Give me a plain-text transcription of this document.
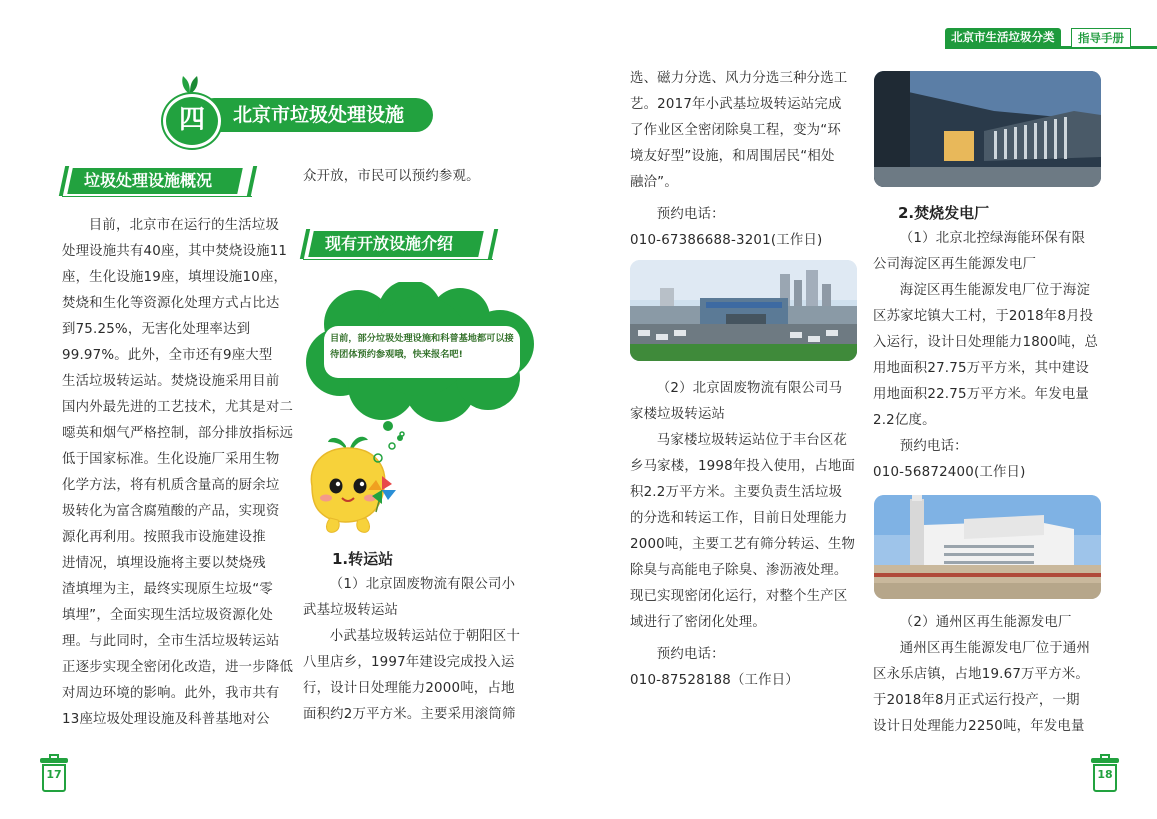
北京市生活垃圾分类	指导手册
北京市垃圾处理设施
四
垃圾处理设施概况

目前，北京市在运行的生活垃圾

处理设施共有40座，其中焚烧设施11

座，生化设施19座，填埋设施10座，

焚烧和生化等资源化处理方式占比达

到75.25%，无害化处理率达到

99.97%。此外，全市还有9座大型

生活垃圾转运站。焚烧设施采用目前

国内外最先进的工艺技术，尤其是对二

噁英和烟气严格控制，部分排放指标远

低于国家标准。生化设施厂采用生物

化学方法，将有机质含量高的厨余垃

圾转化为富含腐殖酸的产品，实现资

源化再利用。按照我市设施建设推

进情况，填埋设施将主要以焚烧残

渣填埋为主，最终实现原生垃圾“零

填埋”，全面实现生活垃圾资源化处

理。与此同时，全市生活垃圾转运站

正逐步实现全密闭化改造，进一步降低

对周边环境的影响。此外，我市共有

13座垃圾处理设施及科普基地对公

众开放，市民可以预约参观。

现有开放设施介绍
目前，部分垃圾处理设施和科普基地都可以接待团体预约参观哦，快来报名吧!
1.转运站

（1）北京固废物流有限公司小

武基垃圾转运站

小武基垃圾转运站位于朝阳区十

八里店乡，1997年建设完成投入运

行，设计日处理能力2000吨，占地

面积约2万平方米。主要采用滚筒筛

选、磁力分选、风力分选三种分选工

艺。2017年小武基垃圾转运站完成

了作业区全密闭除臭工程，变为“环

境友好型”设施，和周围居民“相处

融洽”。

预约电话：

010-67386688-3201(工作日)

（2）北京固废物流有限公司马

家楼垃圾转运站

马家楼垃圾转运站位于丰台区花

乡马家楼，1998年投入使用，占地面

积2.2万平方米。主要负责生活垃圾

的分选和转运工作，目前日处理能力

2000吨，主要工艺有筛分转运、生物

除臭与高能电子除臭、渗沥液处理。

现已实现密闭化运行，对整个生产区

域进行了密闭化处理。

预约电话：

010-87528188（工作日）

2.焚烧发电厂

（1）北京北控绿海能环保有限

公司海淀区再生能源发电厂

海淀区再生能源发电厂位于海淀

区苏家坨镇大工村，于2018年8月投

入运行，设计日处理能力1800吨，总

用地面积27.75万平方米，其中建设

用地面积22.75万平方米。年发电量

2.2亿度。

预约电话：

010-56872400(工作日)

（2）通州区再生能源发电厂

通州区再生能源发电厂位于通州

区永乐店镇，占地19.67万平方米。

于2018年8月正式运行投产，一期

设计日处理能力2250吨，年发电量

17	18
